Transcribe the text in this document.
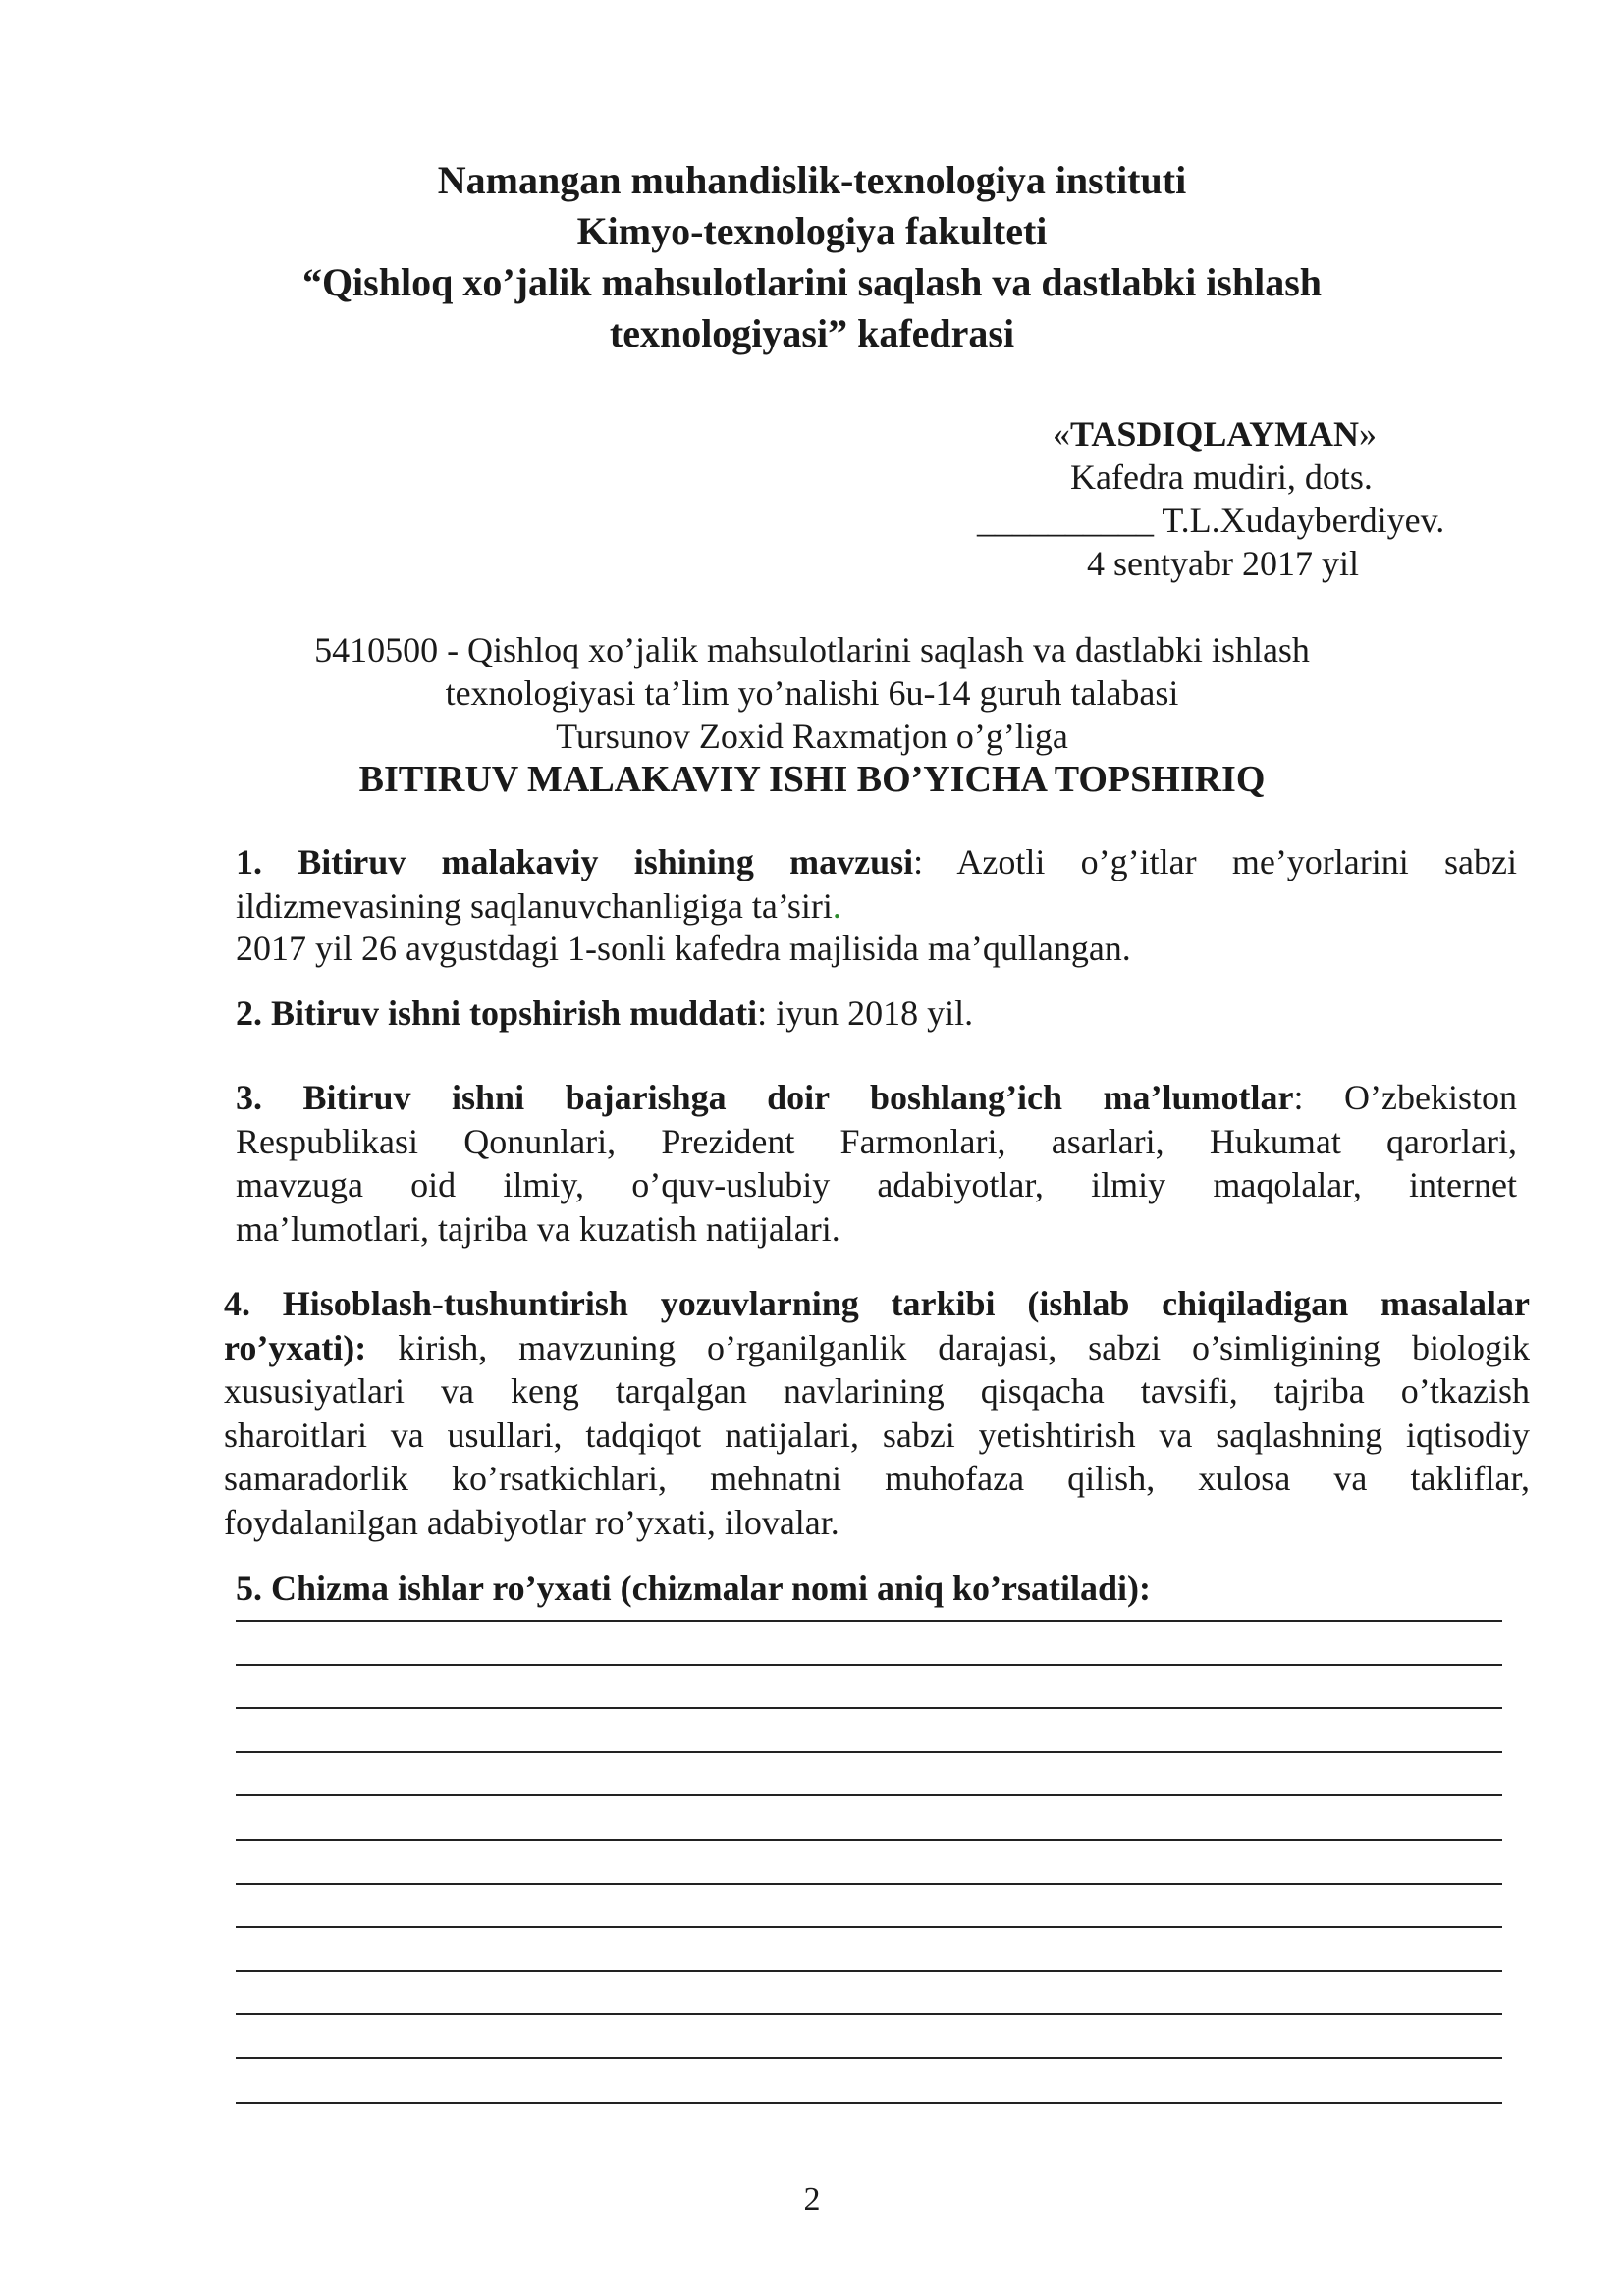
Namangan muhandislik-texnologiya instituti
Kimyo-texnologiya fakulteti
“Qishloq xo’jalik mahsulotlarini saqlash va dastlabki ishlash
texnologiyasi” kafedrasi
«TASDIQLAYMAN»
Kafedra mudiri, dots.
__________ T.L.Xudayberdiyev.
4 sentyabr 2017 yil
5410500 - Qishloq xo’jalik mahsulotlarini saqlash va dastlabki ishlash
texnologiyasi ta’lim yo’nalishi 6u-14 guruh talabasi
Tursunov Zoxid Raxmatjon o’g’liga
BITIRUV MALAKAVIY ISHI BO’YICHA TOPSHIRIQ
1. Bitiruv malakaviy ishining mavzusi: Azotli o’g’itlar me’yorlarini sabzi
ildizmevasining saqlanuvchanligiga ta’siri.
2017 yil 26 avgustdagi 1-sonli kafedra majlisida ma’qullangan.
2. Bitiruv ishni topshirish muddati: iyun 2018 yil.
3. Bitiruv ishni bajarishga doir boshlang’ich ma’lumotlar: O’zbekiston
Respublikasi Qonunlari, Prezident Farmonlari, asarlari, Hukumat qarorlari,
mavzuga oid ilmiy, o’quv-uslubiy adabiyotlar, ilmiy maqolalar, internet
ma’lumotlari, tajriba va kuzatish natijalari.
4. Hisoblash-tushuntirish yozuvlarning tarkibi (ishlab chiqiladigan masalalar
ro’yxati): kirish, mavzuning o’rganilganlik darajasi, sabzi o’simligining biologik
xususiyatlari va keng tarqalgan navlarining qisqacha tavsifi, tajriba o’tkazish
sharoitlari va usullari, tadqiqot natijalari, sabzi yetishtirish va saqlashning iqtisodiy
samaradorlik ko’rsatkichlari, mehnatni muhofaza qilish, xulosa va takliflar,
foydalanilgan adabiyotlar ro’yxati, ilovalar.
5. Chizma ishlar ro’yxati (chizmalar nomi aniq ko’rsatiladi):
2
